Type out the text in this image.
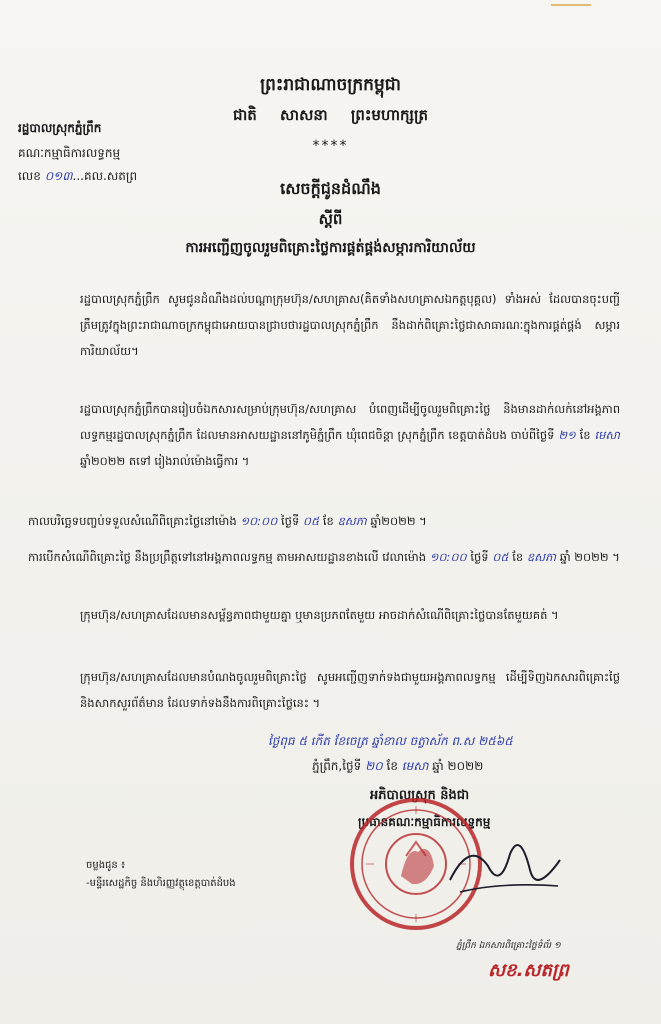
ព្រះរាជាណាចក្រកម្ពុជា
ជាតិ សាសនា ព្រះមហាក្សត្រ
****
រដ្ឋបាលស្រុកភ្នំព្រឹក
គណៈកម្មាធិការលទ្ធកម្ម
លេខ ០១៣...គល.សតព្រ
សេចក្តីជូនដំណឹង
ស្តីពី
ការអញ្ជើញចូលរួមពិគ្រោះថ្លៃការផ្គត់ផ្គង់សម្ភារការិយាល័យ
រដ្ឋបាលស្រុកភ្នំព្រឹក សូមជូនដំណឹងដល់បណ្តាក្រុមហ៊ុន/សហគ្រាស(គិតទាំងសហគ្រាសឯកត្តបុគ្គល) ទាំងអស់ ដែលបានចុះបញ្ជីត្រឹមត្រូវក្នុងព្រះរាជាណាចក្រកម្ពុជាអោយបានជ្រាបថារដ្ឋបាលស្រុកភ្នំព្រឹក នឹងដាក់ពិគ្រោះថ្លៃជាសាធារណៈក្នុងការផ្គត់ផ្គង់ សម្ភារការិយាល័យ។
រដ្ឋបាលស្រុកភ្នំព្រឹកបានរៀបចំឯកសារសម្រាប់ក្រុមហ៊ុន/សហគ្រាស បំពេញដើម្បីចូលរួមពិគ្រោះថ្លៃ និងមានដាក់លក់នៅអង្គភាពលទ្ធកម្មរដ្ឋបាលស្រុកភ្នំព្រឹក ដែលមានអាសយដ្ឋាននៅភូមិភ្នំព្រឹក ឃុំពេជចិន្តា ស្រុកភ្នំព្រឹក ខេត្តបាត់ដំបង ចាប់ពីថ្ងៃទី ២១ ខែ មេសា ឆ្នាំ២០២២ តទៅ រៀងរាល់ម៉ោងធ្វើការ ។
កាលបរិច្ឆេទបញ្ចប់ទទួលសំណើពិគ្រោះថ្លៃនៅម៉ោង ១០:០០ ថ្ងៃទី ០៥ ខែ ឧសភា ឆ្នាំ២០២២ ។
ការបើកសំណើពិគ្រោះថ្លៃ នឹងប្រព្រឹត្តទៅនៅអង្គភាពលទ្ធកម្ម តាមអាសយដ្ឋានខាងលើ វេលាម៉ោង ១០:០០ ថ្ងៃទី ០៥ ខែ ឧសភា ឆ្នាំ ២០២២ ។
ក្រុមហ៊ុន/សហគ្រាសដែលមានសម្ព័ន្ធភាពជាមួយគ្នា ឬមានប្រភពតែមួយ អាចដាក់សំណើពិគ្រោះថ្លៃបានតែមួយគត់ ។
ក្រុមហ៊ុន/សហគ្រាសដែលមានបំណងចូលរួមពិគ្រោះថ្លៃ សូមអញ្ជើញទាក់ទងជាមួយអង្គភាពលទ្ធកម្ម ដើម្បីទិញឯកសារពិគ្រោះថ្លៃ និងសាកសួរព័ត៌មាន ដែលទាក់ទងនឹងការពិគ្រោះថ្លៃនេះ ។
ថ្ងៃពុធ ៥ កើត ខែចេត្រ ឆ្នាំខាល ចត្វាស័ក ព.ស ២៥៦៥
ភ្នំព្រឹក,ថ្ងៃទី ២០ ខែ មេសា ឆ្នាំ ២០២២
អភិបាលស្រុក និងជា
ប្រធានគណៈកម្មាធិការលទ្ធកម្ម
ចម្លងជូន ៖
-មន្ទីរសេដ្ឋកិច្ច និងហិរញ្ញវត្ថុខេត្តបាត់ដំបង
ភ្នំព្រឹក ឯកសារពិគ្រោះថ្លៃទំព័រ ១
សខ.សតព្រ
